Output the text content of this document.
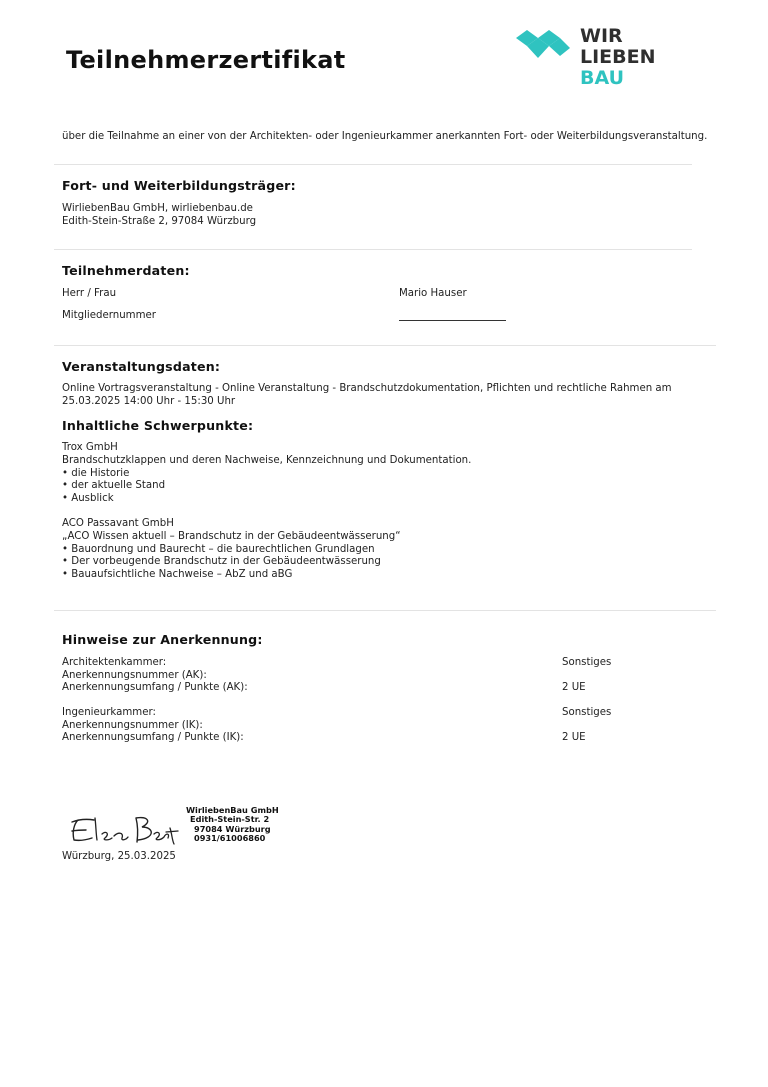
Teilnehmerzertifikat
WIR
LIEBEN
BAU
über die Teilnahme an einer von der Architekten- oder Ingenieurkammer anerkannten Fort- oder Weiterbildungsveranstaltung.
Fort- und Weiterbildungsträger:
WirliebenBau GmbH, wirliebenbau.de
Edith-Stein-Straße 2, 97084 Würzburg
Teilnehmerdaten:
Herr / Frau	Mario Hauser
Mitgliedernummer
Veranstaltungsdaten:
Online Vortragsveranstaltung - Online Veranstaltung - Brandschutzdokumentation, Pflichten und rechtliche Rahmen am
25.03.2025 14:00 Uhr - 15:30 Uhr
Inhaltliche Schwerpunkte:
Trox GmbH
Brandschutzklappen und deren Nachweise, Kennzeichnung und Dokumentation.
• die Historie
• der aktuelle Stand
• Ausblick
ACO Passavant GmbH
„ACO Wissen aktuell – Brandschutz in der Gebäudeentwässerung“
• Bauordnung und Baurecht – die baurechtlichen Grundlagen
• Der vorbeugende Brandschutz in der Gebäudeentwässerung
• Bauaufsichtliche Nachweise – AbZ und aBG
Hinweise zur Anerkennung:
Architektenkammer:	Sonstiges
Anerkennungsnummer (AK):
Anerkennungsumfang / Punkte (AK):	2 UE
Ingenieurkammer:	Sonstiges
Anerkennungsnummer (IK):
Anerkennungsumfang / Punkte (IK):	2 UE
WirliebenBau GmbH
Edith-Stein-Str. 2
97084 Würzburg
0931/61006860
Würzburg, 25.03.2025
